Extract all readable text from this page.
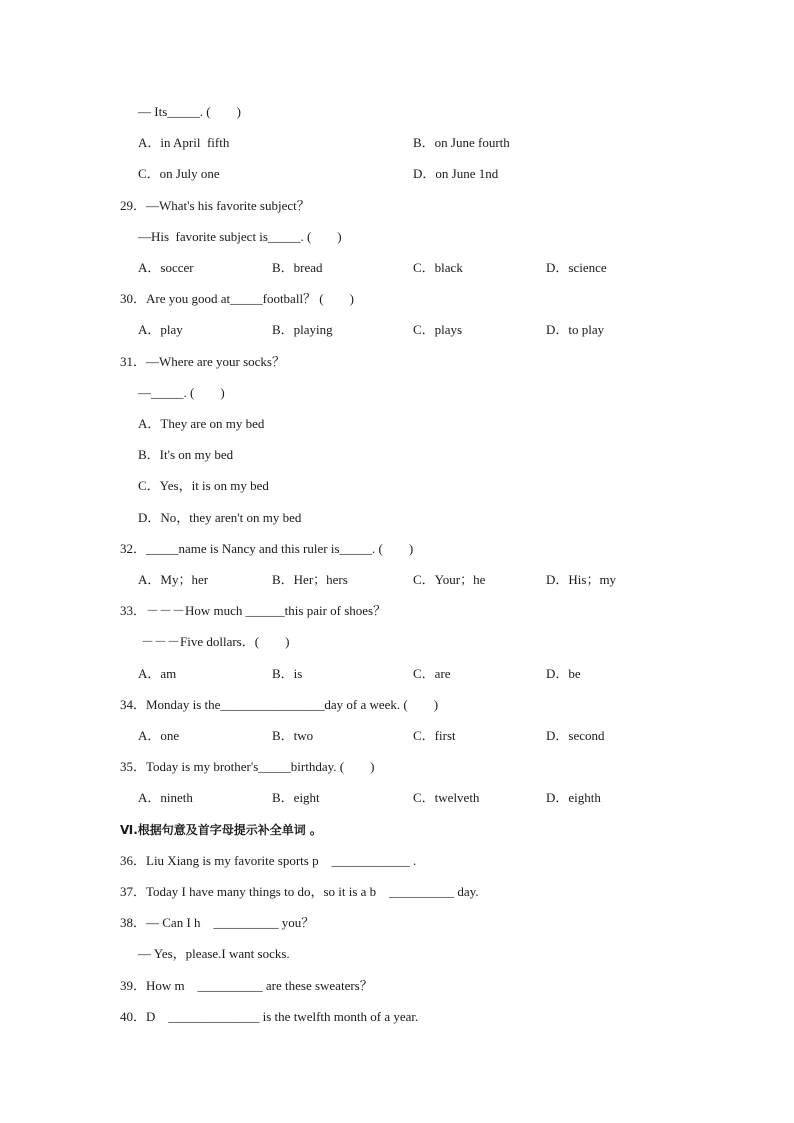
— Its_____. (　　)
A．in April  fifth	B．on June fourth
C．on July one	D．on June 1nd
29．—What's his favorite subject？
—His  favorite subject is_____. (　　)
A．soccer	B．bread	C．black	D．science
30．Are you good at_____football？ (　　)
A．play	B．playing	C．plays	D．to play
31．—Where are your socks？
—_____. (　　)
A．They are on my bed
B．It's on my bed
C．Yes，it is on my bed
D．No，they aren't on my bed
32．_____name is Nancy and this ruler is_____. (　　)
A．My；her	B．Her；hers	C．Your；he	D．His；my
33．－－－How much ______this pair of shoes？
－－－Five dollars．(　　)
A．am	B．is	C．are	D．be
34．Monday is the________________day of a week. (　　)
A．one	B．two	C．first	D．second
35．Today is my brother's_____birthday. (　　)
A．nineth	B．eight	C．twelveth	D．eighth
Ⅵ.根据句意及首字母提示补全单词 。
36．Liu Xiang is my favorite sports p    ____________ .
37．Today I have many things to do，so it is a b    __________ day.
38．— Can I h    __________ you？
— Yes，please.I want socks.
39．How m    __________ are these sweaters？
40．D    ______________ is the twelfth month of a year.
